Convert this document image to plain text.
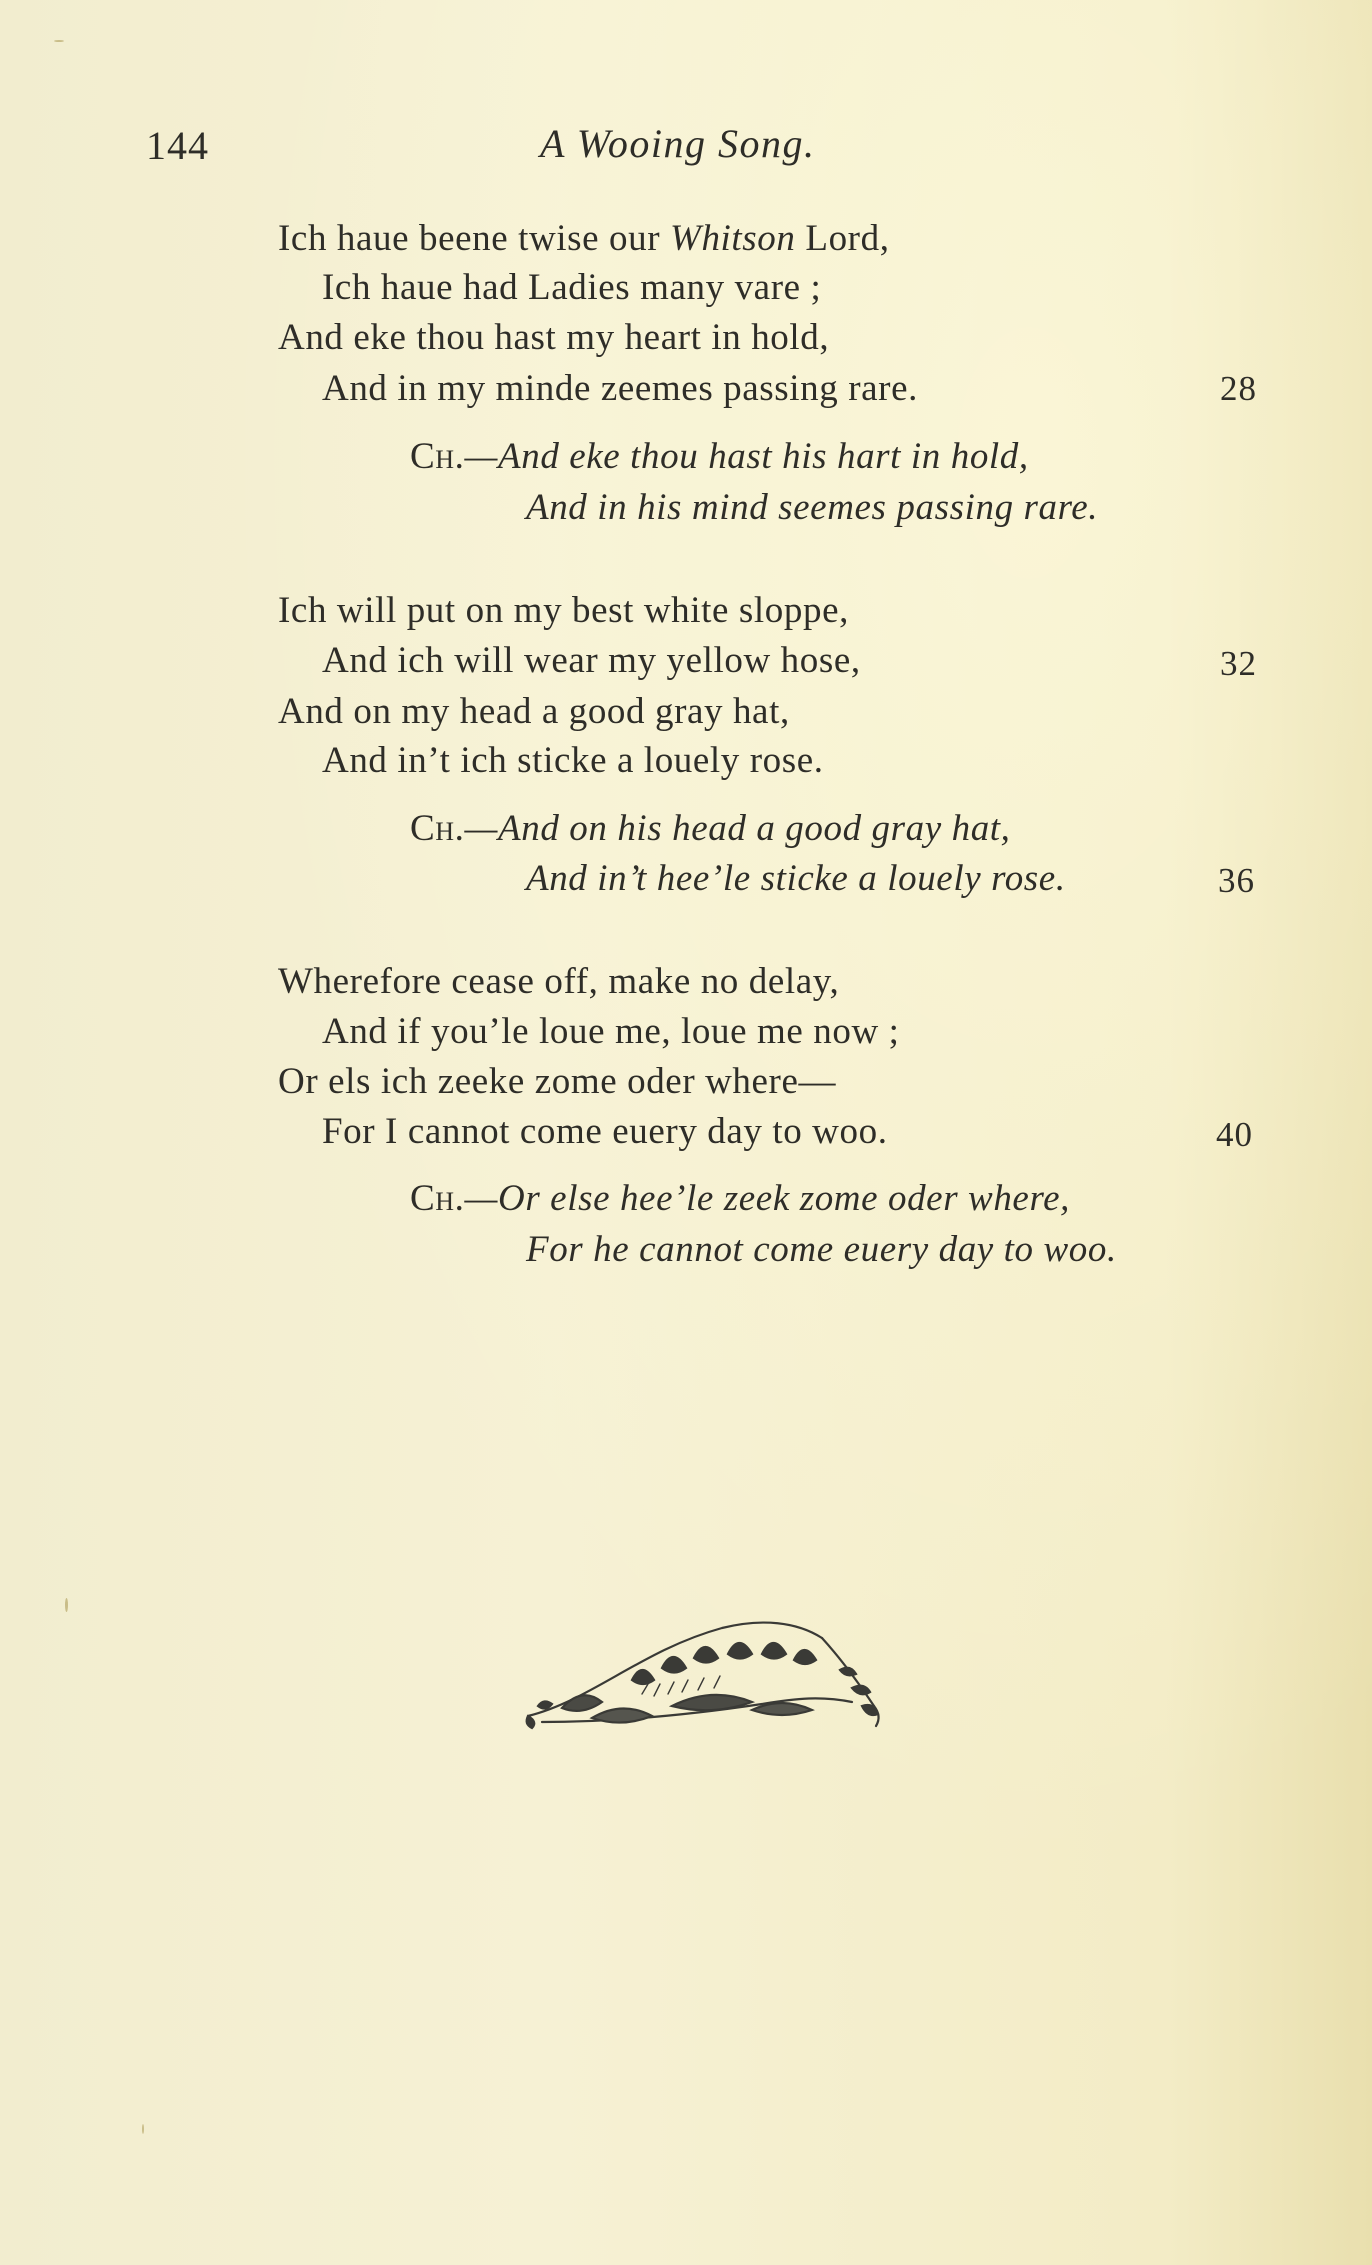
144	A Wooing Song.
Ich haue beene twise our Whitson Lord,
Ich haue had Ladies many vare ;
And eke thou hast my heart in hold,
And in my minde zeemes passing rare.	28
Ch.—And eke thou hast his hart in hold,
And in his mind seemes passing rare.
Ich will put on my best white sloppe,
And ich will wear my yellow hose,	32
And on my head a good gray hat,
And in’t ich sticke a louely rose.
Ch.—And on his head a good gray hat,
And in’t hee’le sticke a louely rose.	36
Wherefore cease off, make no delay,
And if you’le loue me, loue me now ;
Or els ich zeeke zome oder where—
For I cannot come euery day to woo.	40
Ch.—Or else hee’le zeek zome oder where,
For he cannot come euery day to woo.
